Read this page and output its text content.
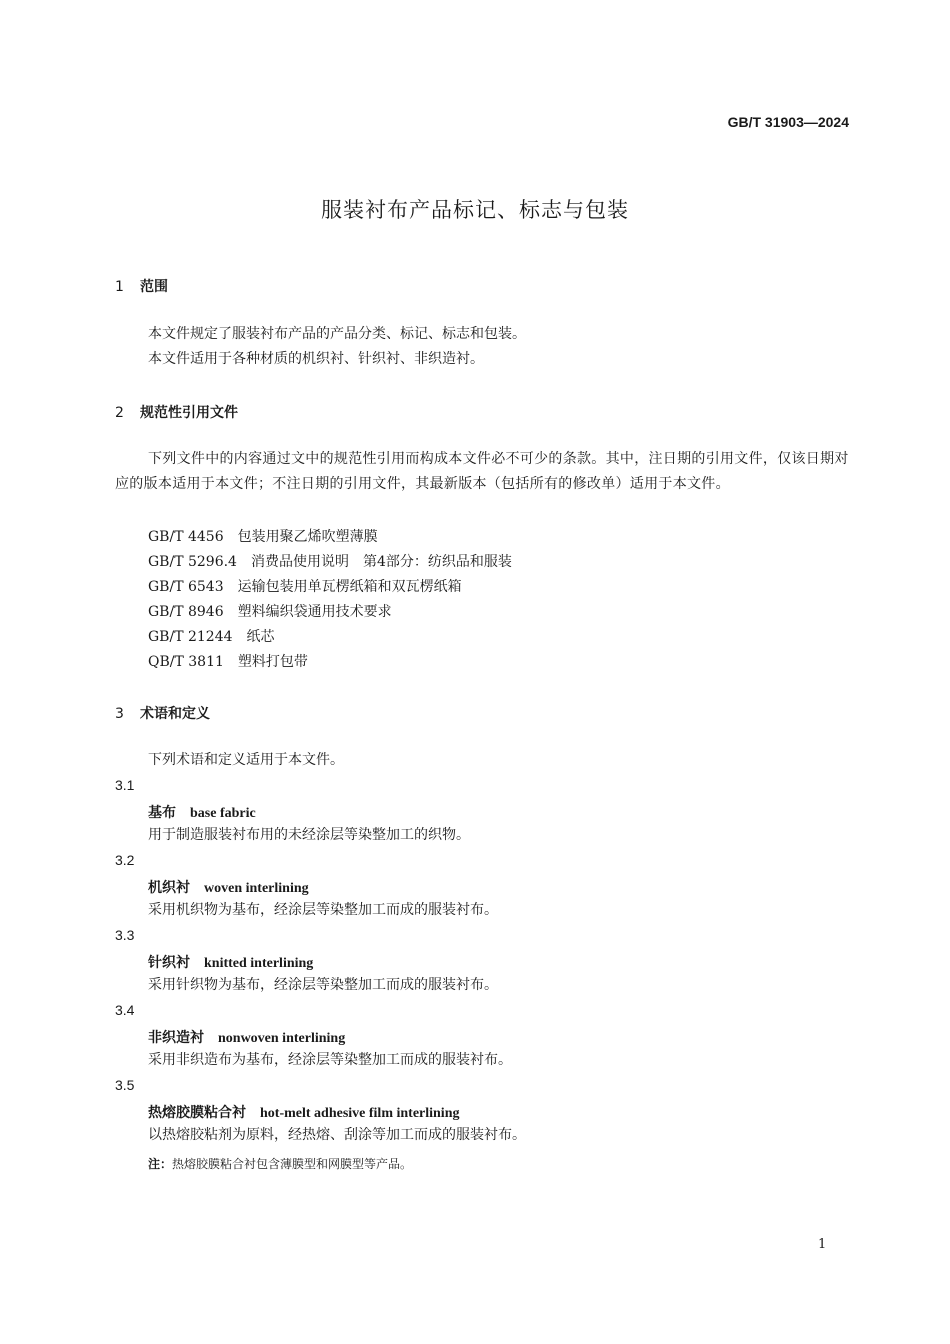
GB/T 31903—2024
服装衬布产品标记、标志与包装
1 范围
本文件规定了服装衬布产品的产品分类、标记、标志和包装。
本文件适用于各种材质的机织衬、针织衬、非织造衬。
2 规范性引用文件
下列文件中的内容通过文中的规范性引用而构成本文件必不可少的条款。其中，注日期的引用文件，仅该日期对应的版本适用于本文件；不注日期的引用文件，其最新版本（包括所有的修改单）适用于本文件。
GB/T 4456 包装用聚乙烯吹塑薄膜
GB/T 5296.4 消费品使用说明　第4部分：纺织品和服装
GB/T 6543 运输包装用单瓦楞纸箱和双瓦楞纸箱
GB/T 8946 塑料编织袋通用技术要求
GB/T 21244 纸芯
QB/T 3811 塑料打包带
3 术语和定义
下列术语和定义适用于本文件。
3.1
基布 base fabric
用于制造服装衬布用的未经涂层等染整加工的织物。
3.2
机织衬 woven interlining
采用机织物为基布，经涂层等染整加工而成的服装衬布。
3.3
针织衬 knitted interlining
采用针织物为基布，经涂层等染整加工而成的服装衬布。
3.4
非织造衬 nonwoven interlining
采用非织造布为基布，经涂层等染整加工而成的服装衬布。
3.5
热熔胶膜粘合衬 hot-melt adhesive film interlining
以热熔胶粘剂为原料，经热熔、刮涂等加工而成的服装衬布。
注：热熔胶膜粘合衬包含薄膜型和网膜型等产品。
1
